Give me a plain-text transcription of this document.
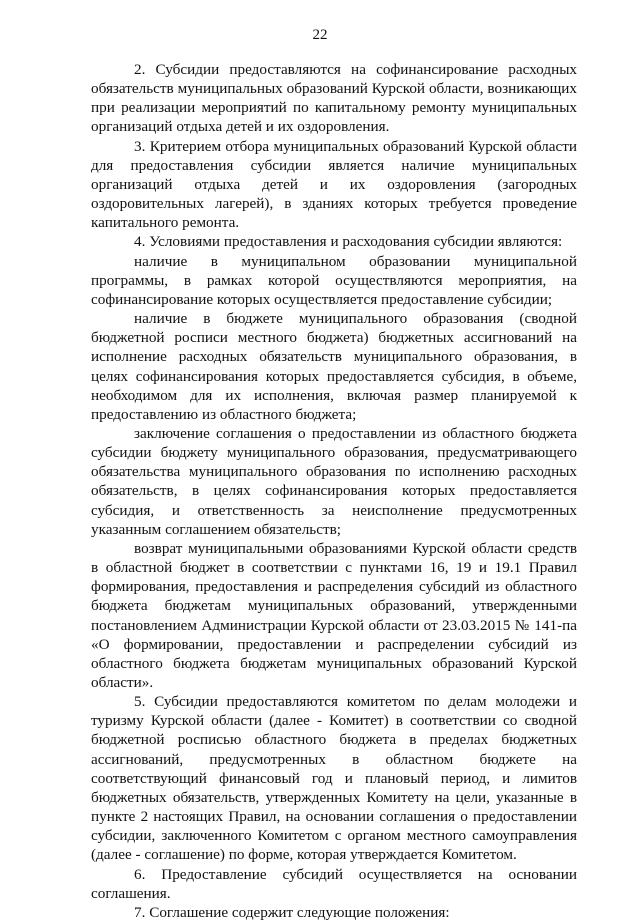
22

2. Субсидии предоставляются на софинансирование расходных обязательств муниципальных образований Курской области, возникающих при реализации мероприятий по капитальному ремонту муниципальных организаций отдыха детей и их оздоровления.

3. Критерием отбора муниципальных образований Курской области для предоставления субсидии является наличие муниципальных организаций отдыха детей и их оздоровления (загородных оздоровительных лагерей), в зданиях которых требуется проведение капитального ремонта.

4. Условиями предоставления и расходования субсидии являются:

наличие в муниципальном образовании муниципальной программы, в рамках которой осуществляются мероприятия, на софинансирование которых осуществляется предоставление субсидии;

наличие в бюджете муниципального образования (сводной бюджетной росписи местного бюджета) бюджетных ассигнований на исполнение расходных обязательств муниципального образования, в целях софинансирования которых предоставляется субсидия, в объеме, необходимом для их исполнения, включая размер планируемой к предоставлению из областного бюджета;

заключение соглашения о предоставлении из областного бюджета субсидии бюджету муниципального образования, предусматривающего обязательства муниципального образования по исполнению расходных обязательств, в целях софинансирования которых предоставляется субсидия, и ответственность за неисполнение предусмотренных указанным соглашением обязательств;

возврат муниципальными образованиями Курской области средств в областной бюджет в соответствии с пунктами 16, 19 и 19.1 Правил формирования, предоставления и распределения субсидий из областного бюджета бюджетам муниципальных образований, утвержденными постановлением Администрации Курской области от 23.03.2015 № 141-па «О формировании, предоставлении и распределении субсидий из областного бюджета бюджетам муниципальных образований Курской области».

5. Субсидии предоставляются комитетом по делам молодежи и туризму Курской области (далее - Комитет) в соответствии со сводной бюджетной росписью областного бюджета в пределах бюджетных ассигнований, предусмотренных в областном бюджете на соответствующий финансовый год и плановый период, и лимитов бюджетных обязательств, утвержденных Комитету на цели, указанные в пункте 2 настоящих Правил, на основании соглашения о предоставлении субсидии, заключенного Комитетом с органом местного самоуправления (далее - соглашение) по форме, которая утверждается Комитетом.

6. Предоставление субсидий осуществляется на основании соглашения.

7. Соглашение содержит следующие положения:
